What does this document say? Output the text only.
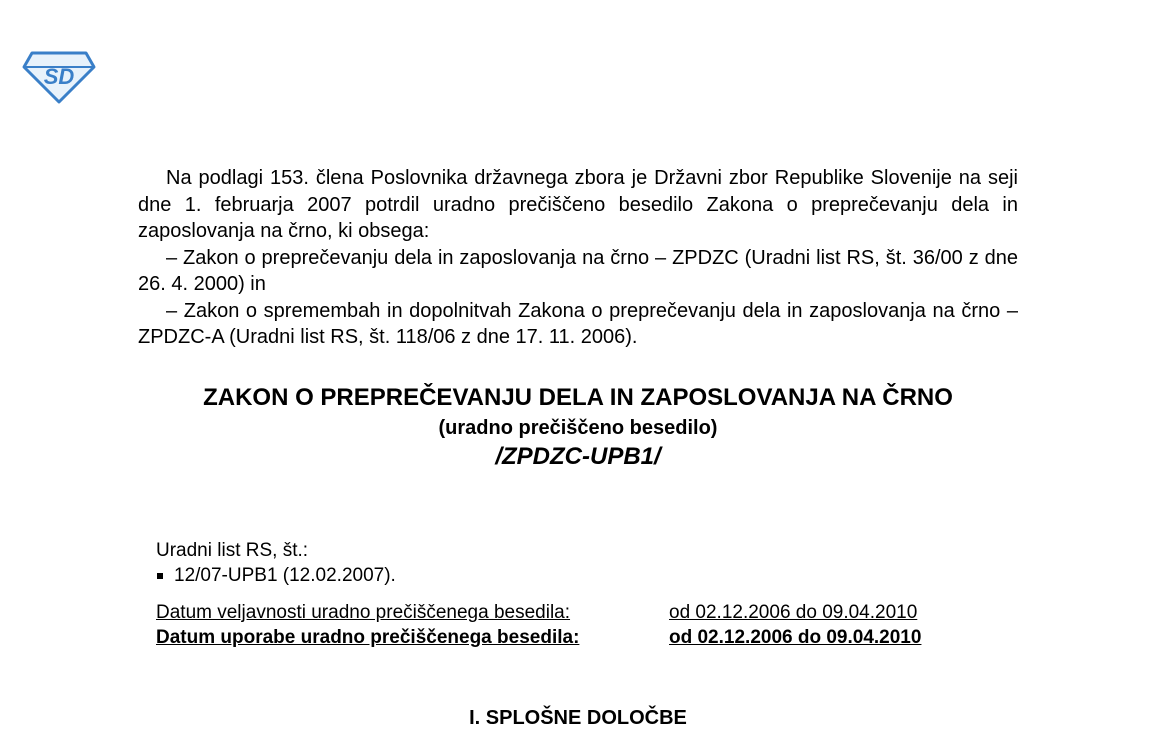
SD

Na podlagi 153. člena Poslovnika državnega zbora je Državni zbor Republike Slovenije na seji dne 1. februarja 2007 potrdil uradno prečiščeno besedilo Zakona o preprečevanju dela in zaposlovanja na črno, ki obsega:

– Zakon o preprečevanju dela in zaposlovanja na črno – ZPDZC (Uradni list RS, št. 36/00 z dne 26. 4. 2000) in

– Zakon o spremembah in dopolnitvah Zakona o preprečevanju dela in zaposlovanja na črno – ZPDZC-A (Uradni list RS, št. 118/06 z dne 17. 11. 2006).

ZAKON O PREPREČEVANJU DELA IN ZAPOSLOVANJA NA ČRNO
(uradno prečiščeno besedilo)
/ZPDZC-UPB1/
Uradni list RS, št.:
12/07-UPB1 (12.02.2007).
Datum veljavnosti uradno prečiščenega besedila:	od 02.12.2006 do 09.04.2010
Datum uporabe uradno prečiščenega besedila:	od 02.12.2006 do 09.04.2010
I. SPLOŠNE DOLOČBE
